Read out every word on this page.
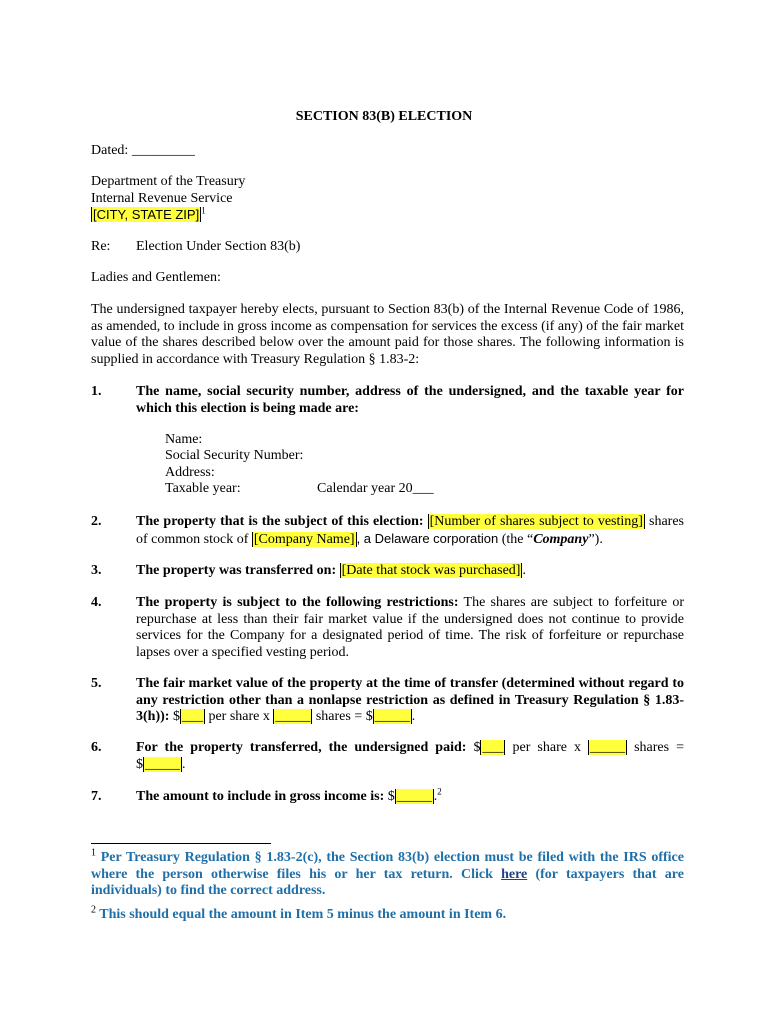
SECTION 83(B) ELECTION
Dated: _________
Department of the Treasury
Internal Revenue Service
[CITY, STATE ZIP] $^1$
Re: Election Under Section 83(b)
Ladies and Gentlemen:
The undersigned taxpayer hereby elects, pursuant to Section 83(b) of the Internal Revenue Code of 1986, as amended, to include in gross income as compensation for services the excess (if any) of the fair market value of the shares described below over the amount paid for those shares. The following information is supplied in accordance with Treasury Regulation § 1.83-2:
1. The name, social security number, address of the undersigned, and the taxable year for which this election is being made are:
Name:
Social Security Number:
Address:
Taxable year:	Calendar year 20___
2. The property that is the subject of this election: [Number of shares subject to vesting] shares of common stock of [Company Name] , a Delaware corporation (the “Company”).
3. The property was transferred on: [Date that stock was purchased] .
4. The property is subject to the following restrictions: The shares are subject to forfeiture or repurchase at less than their fair market value if the undersigned does not continue to provide services for the Company for a designated period of time. The risk of forfeiture or repurchase lapses over a specified vesting period.
5. The fair market value of the property at the time of transfer (determined without regard to any restriction other than a nonlapse restriction as defined in Treasury Regulation § 1.83-3(h)): $ ___ per share x _____ shares = $ _____ .
6. For the property transferred, the undersigned paid: $ ___ per share x _____ shares = $ _____ .
7. The amount to include in gross income is: $ _____ .$^2$
$^1$ Per Treasury Regulation § 1.83-2(c), the Section 83(b) election must be filed with the IRS office where the person otherwise files his or her tax return. Click here (for taxpayers that are individuals) to find the correct address.
$^2$ This should equal the amount in Item 5 minus the amount in Item 6.
